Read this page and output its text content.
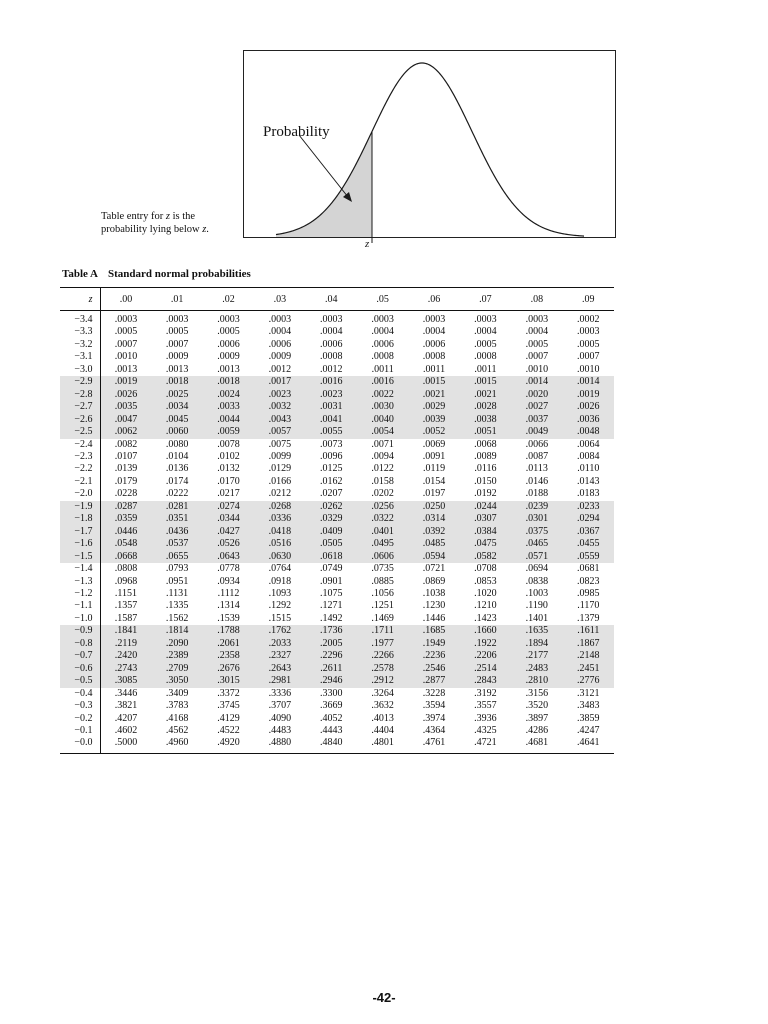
Probability
z
Table entry for z is the
probability lying below z.
Table A Standard normal probabilities
z	.00	.01	.02	.03	.04	.05	.06	.07	.08	.09
−3.4	.0003	.0003	.0003	.0003	.0003	.0003	.0003	.0003	.0003	.0002
−3.3	.0005	.0005	.0005	.0004	.0004	.0004	.0004	.0004	.0004	.0003
−3.2	.0007	.0007	.0006	.0006	.0006	.0006	.0006	.0005	.0005	.0005
−3.1	.0010	.0009	.0009	.0009	.0008	.0008	.0008	.0008	.0007	.0007
−3.0	.0013	.0013	.0013	.0012	.0012	.0011	.0011	.0011	.0010	.0010
−2.9	.0019	.0018	.0018	.0017	.0016	.0016	.0015	.0015	.0014	.0014
−2.8	.0026	.0025	.0024	.0023	.0023	.0022	.0021	.0021	.0020	.0019
−2.7	.0035	.0034	.0033	.0032	.0031	.0030	.0029	.0028	.0027	.0026
−2.6	.0047	.0045	.0044	.0043	.0041	.0040	.0039	.0038	.0037	.0036
−2.5	.0062	.0060	.0059	.0057	.0055	.0054	.0052	.0051	.0049	.0048
−2.4	.0082	.0080	.0078	.0075	.0073	.0071	.0069	.0068	.0066	.0064
−2.3	.0107	.0104	.0102	.0099	.0096	.0094	.0091	.0089	.0087	.0084
−2.2	.0139	.0136	.0132	.0129	.0125	.0122	.0119	.0116	.0113	.0110
−2.1	.0179	.0174	.0170	.0166	.0162	.0158	.0154	.0150	.0146	.0143
−2.0	.0228	.0222	.0217	.0212	.0207	.0202	.0197	.0192	.0188	.0183
−1.9	.0287	.0281	.0274	.0268	.0262	.0256	.0250	.0244	.0239	.0233
−1.8	.0359	.0351	.0344	.0336	.0329	.0322	.0314	.0307	.0301	.0294
−1.7	.0446	.0436	.0427	.0418	.0409	.0401	.0392	.0384	.0375	.0367
−1.6	.0548	.0537	.0526	.0516	.0505	.0495	.0485	.0475	.0465	.0455
−1.5	.0668	.0655	.0643	.0630	.0618	.0606	.0594	.0582	.0571	.0559
−1.4	.0808	.0793	.0778	.0764	.0749	.0735	.0721	.0708	.0694	.0681
−1.3	.0968	.0951	.0934	.0918	.0901	.0885	.0869	.0853	.0838	.0823
−1.2	.1151	.1131	.1112	.1093	.1075	.1056	.1038	.1020	.1003	.0985
−1.1	.1357	.1335	.1314	.1292	.1271	.1251	.1230	.1210	.1190	.1170
−1.0	.1587	.1562	.1539	.1515	.1492	.1469	.1446	.1423	.1401	.1379
−0.9	.1841	.1814	.1788	.1762	.1736	.1711	.1685	.1660	.1635	.1611
−0.8	.2119	.2090	.2061	.2033	.2005	.1977	.1949	.1922	.1894	.1867
−0.7	.2420	.2389	.2358	.2327	.2296	.2266	.2236	.2206	.2177	.2148
−0.6	.2743	.2709	.2676	.2643	.2611	.2578	.2546	.2514	.2483	.2451
−0.5	.3085	.3050	.3015	.2981	.2946	.2912	.2877	.2843	.2810	.2776
−0.4	.3446	.3409	.3372	.3336	.3300	.3264	.3228	.3192	.3156	.3121
−0.3	.3821	.3783	.3745	.3707	.3669	.3632	.3594	.3557	.3520	.3483
−0.2	.4207	.4168	.4129	.4090	.4052	.4013	.3974	.3936	.3897	.3859
−0.1	.4602	.4562	.4522	.4483	.4443	.4404	.4364	.4325	.4286	.4247
−0.0	.5000	.4960	.4920	.4880	.4840	.4801	.4761	.4721	.4681	.4641
-42-
